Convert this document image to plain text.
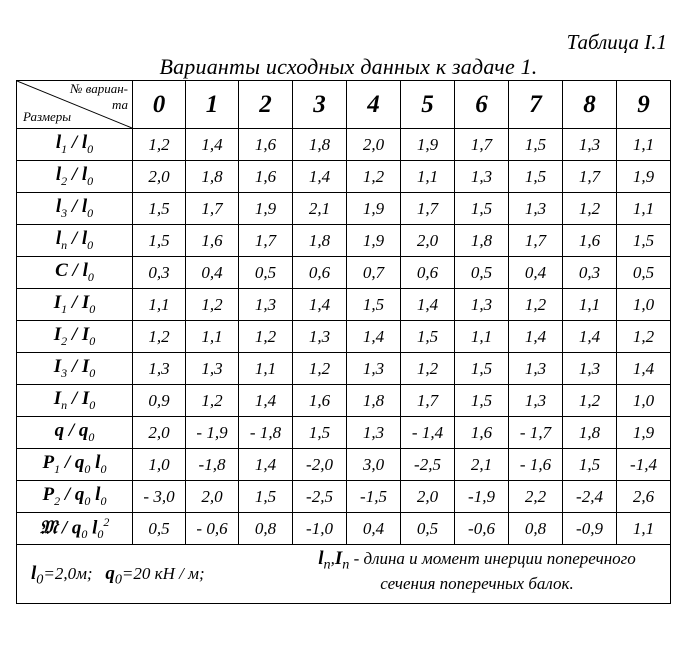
Таблица I.1
Варианты исходных данных к задаче 1.
№ вариан-
та
Размеры	0	1	2	3	4	5	6	7	8	9
$l_1 / l_0$	1,2	1,4	1,6	1,8	2,0	1,9	1,7	1,5	1,3	1,1
$l_2 / l_0$	2,0	1,8	1,6	1,4	1,2	1,1	1,3	1,5	1,7	1,9
$l_3 / l_0$	1,5	1,7	1,9	2,1	1,9	1,7	1,5	1,3	1,2	1,1
$l_n / l_0$	1,5	1,6	1,7	1,8	1,9	2,0	1,8	1,7	1,6	1,5
C / $l_0$	0,3	0,4	0,5	0,6	0,7	0,6	0,5	0,4	0,3	0,5
$I_1 / I_0$	1,1	1,2	1,3	1,4	1,5	1,4	1,3	1,2	1,1	1,0
$I_2 / I_0$	1,2	1,1	1,2	1,3	1,4	1,5	1,1	1,4	1,4	1,2
$I_3 / I_0$	1,3	1,3	1,1	1,2	1,3	1,2	1,5	1,3	1,3	1,4
$I_n / I_0$	0,9	1,2	1,4	1,6	1,8	1,7	1,5	1,3	1,2	1,0
q / $q_0$	2,0	- 1,9	- 1,8	1,5	1,3	- 1,4	1,6	- 1,7	1,8	1,9
$P_1 / q_0$ $l_0$	1,0	-1,8	1,4	-2,0	3,0	-2,5	2,1	- 1,6	1,5	-1,4
$P_2 / q_0$ $l_0$	- 3,0	2,0	1,5	-2,5	-1,5	2,0	-1,9	2,2	-2,4	2,6
𝔐 / $q_0$ $l_0^2$	0,5	- 0,6	0,8	-1,0	0,4	0,5	-0,6	0,8	-0,9	1,1

$l_0=2,0м$;   $q_0=20$ кН / м;
$l_n,I_n$ - длина и момент инерции поперечного
сечения поперечных балок.										
